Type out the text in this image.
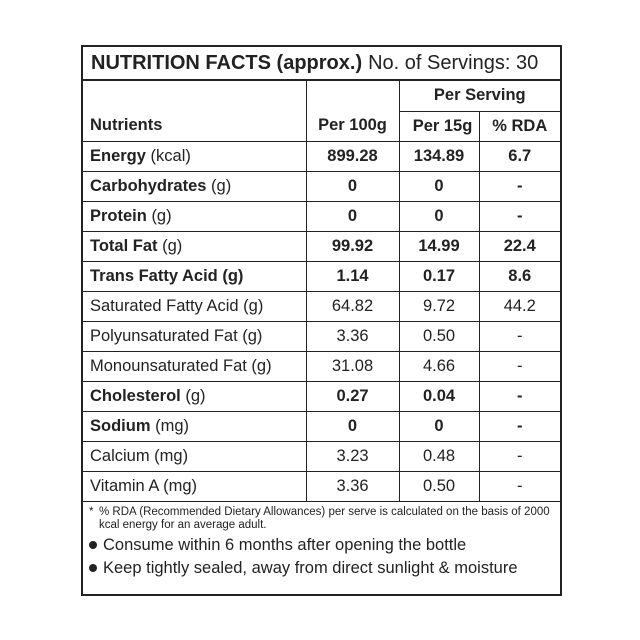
NUTRITION FACTS (approx.) No. of Servings: 30
Nutrients	Per 100g	Per Serving	
		Per 15g	% RDA
Energy (kcal)	899.28	134.89	6.7
Carbohydrates (g)	0	0	-
Protein (g)	0	0	-
Total Fat (g)	99.92	14.99	22.4
Trans Fatty Acid (g)	1.14	0.17	8.6
Saturated Fatty Acid (g)	64.82	9.72	44.2
Polyunsaturated Fat (g)	3.36	0.50	-
Monounsaturated Fat (g)	31.08	4.66	-
Cholesterol (g)	0.27	0.04	-
Sodium (mg)	0	0	-
Calcium (mg)	3.23	0.48	-
Vitamin A (mg)	3.36	0.50	-
* % RDA (Recommended Dietary Allowances) per serve is calculated on the basis of 2000 kcal energy for an average adult.
Consume within 6 months after opening the bottle
Keep tightly sealed, away from direct sunlight & moisture
